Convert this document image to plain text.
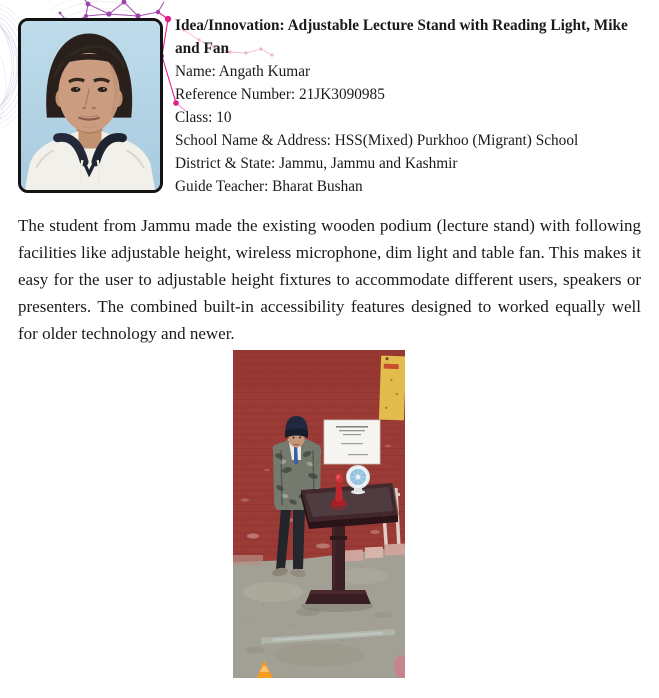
Idea/Innovation: Adjustable Lecture Stand with Reading Light, Mike and Fan
Name: Angath Kumar
Reference Number: 21JK3090985
Class: 10
School Name & Address: HSS(Mixed) Purkhoo (Migrant) School
District & State: Jammu, Jammu and Kashmir
Guide Teacher: Bharat Bushan

The student from Jammu made the existing wooden podium (lecture stand) with following facilities like adjustable height, wireless microphone, dim light and table fan. This makes it easy for the user to adjustable height fixtures to accommodate different users, speakers or presenters. The combined built-in accessibility features designed to worked equally well for older technology and newer.
